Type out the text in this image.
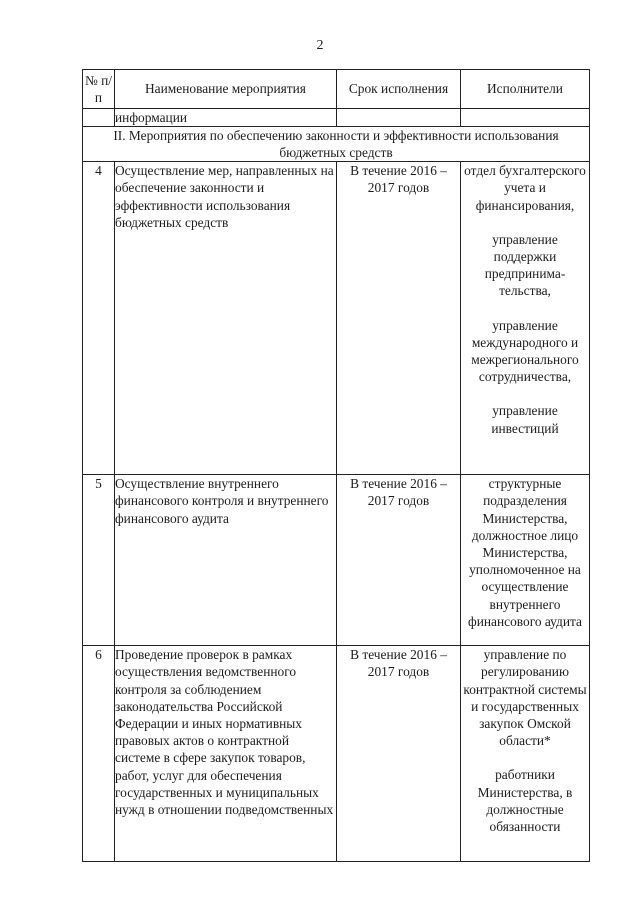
2
№ п/п	Наименование мероприятия	Срок исполнения	Исполнители
	информации		
II. Мероприятия по обеспечению законности и эффективности использования бюджетных средств			
4	Осуществление мер, направленных на обеспечение законности и эффективности использования бюджетных средств	В течение 2016 – 2017 годов	отдел бухгалтерского учета и финансирования,
управление поддержки предпринима-тельства,
управление международного и межрегионального сотрудничества,
управление инвестиций

5	Осуществление внутреннего финансового контроля и внутреннего финансового аудита	В течение 2016 – 2017 годов	структурные подразделения Министерства, должностное лицо Министерства, уполномоченное на осуществление внутреннего финансового аудита

6	Проведение проверок в рамках осуществления ведомственного контроля за соблюдением законодательства Российской Федерации и иных нормативных правовых актов о контрактной системе в сфере закупок товаров, работ, услуг для обеспечения государственных и муниципальных нужд в отношении подведомственных	В течение 2016 – 2017 годов	управление по регулированию контрактной системы и государственных закупок Омской области*
работники Министерства, в должностные обязанности
